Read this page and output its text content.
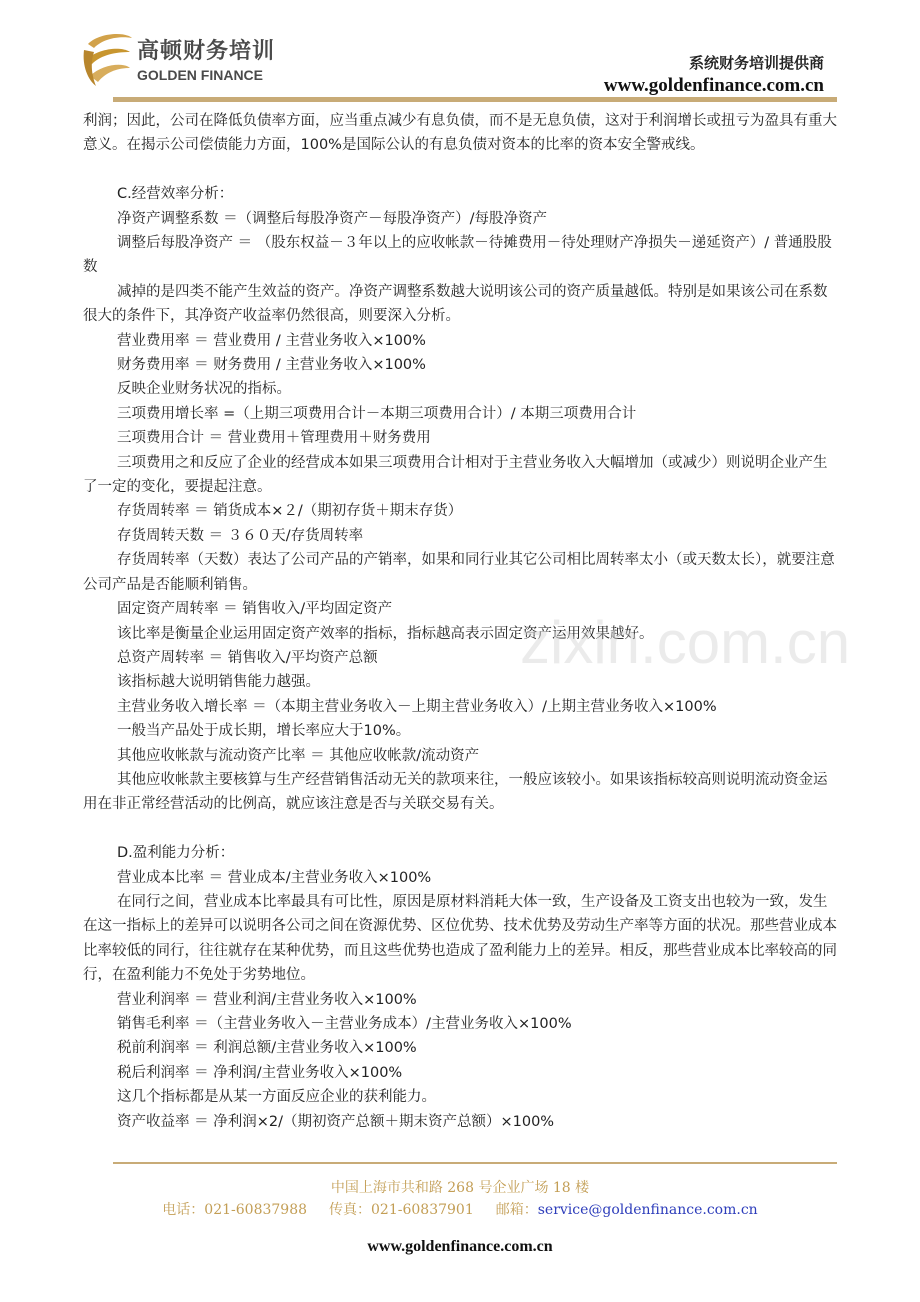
高顿财务培训
GOLDEN FINANCE
系统财务培训提供商
www.goldenfinance.com.cn
利润；因此，公司在降低负债率方面，应当重点减少有息负债，而不是无息负债，这对于利润增长或扭亏为盈具有重大意义。在揭示公司偿债能力方面，100%是国际公认的有息负债对资本的比率的资本安全警戒线。
C.经营效率分析：
净资产调整系数 ＝（调整后每股净资产－每股净资产）/每股净资产
调整后每股净资产 ＝ （股东权益－３年以上的应收帐款－待摊费用－待处理财产净损失－递延资产）/ 普通股股数
减掉的是四类不能产生效益的资产。净资产调整系数越大说明该公司的资产质量越低。特别是如果该公司在系数很大的条件下，其净资产收益率仍然很高，则要深入分析。
营业费用率 ＝ 营业费用 / 主营业务收入×100%
财务费用率 ＝ 财务费用 / 主营业务收入×100%
反映企业财务状况的指标。
三项费用增长率 =（上期三项费用合计－本期三项费用合计）/ 本期三项费用合计
三项费用合计 ＝ 营业费用＋管理费用＋财务费用
三项费用之和反应了企业的经营成本如果三项费用合计相对于主营业务收入大幅增加（或减少）则说明企业产生了一定的变化，要提起注意。
存货周转率 ＝ 销货成本×２/（期初存货＋期末存货）
存货周转天数 ＝ ３６０天/存货周转率
存货周转率（天数）表达了公司产品的产销率，如果和同行业其它公司相比周转率太小（或天数太长），就要注意公司产品是否能顺利销售。
固定资产周转率 ＝ 销售收入/平均固定资产
该比率是衡量企业运用固定资产效率的指标，指标越高表示固定资产运用效果越好。
总资产周转率 ＝ 销售收入/平均资产总额
该指标越大说明销售能力越强。
主营业务收入增长率 ＝（本期主营业务收入－上期主营业务收入）/上期主营业务收入×100%
一般当产品处于成长期，增长率应大于10%。
其他应收帐款与流动资产比率 ＝ 其他应收帐款/流动资产
其他应收帐款主要核算与生产经营销售活动无关的款项来往，一般应该较小。如果该指标较高则说明流动资金运用在非正常经营活动的比例高，就应该注意是否与关联交易有关。
D.盈利能力分析：
营业成本比率 ＝ 营业成本/主营业务收入×100%
在同行之间，营业成本比率最具有可比性，原因是原材料消耗大体一致，生产设备及工资支出也较为一致，发生在这一指标上的差异可以说明各公司之间在资源优势、区位优势、技术优势及劳动生产率等方面的状况。那些营业成本比率较低的同行，往往就存在某种优势，而且这些优势也造成了盈利能力上的差异。相反，那些营业成本比率较高的同行，在盈利能力不免处于劣势地位。
营业利润率 ＝ 营业利润/主营业务收入×100%
销售毛利率 ＝（主营业务收入－主营业务成本）/主营业务收入×100%
税前利润率 ＝ 利润总额/主营业务收入×100%
税后利润率 ＝ 净利润/主营业务收入×100%
这几个指标都是从某一方面反应企业的获利能力。
资产收益率 ＝ 净利润×2/（期初资产总额＋期末资产总额）×100%
zixin.com.cn
中国上海市共和路 268 号企业广场 18 楼
电话：021-60837988 传真：021-60837901 邮箱：service@goldenfinance.com.cn
www.goldenfinance.com.cn
